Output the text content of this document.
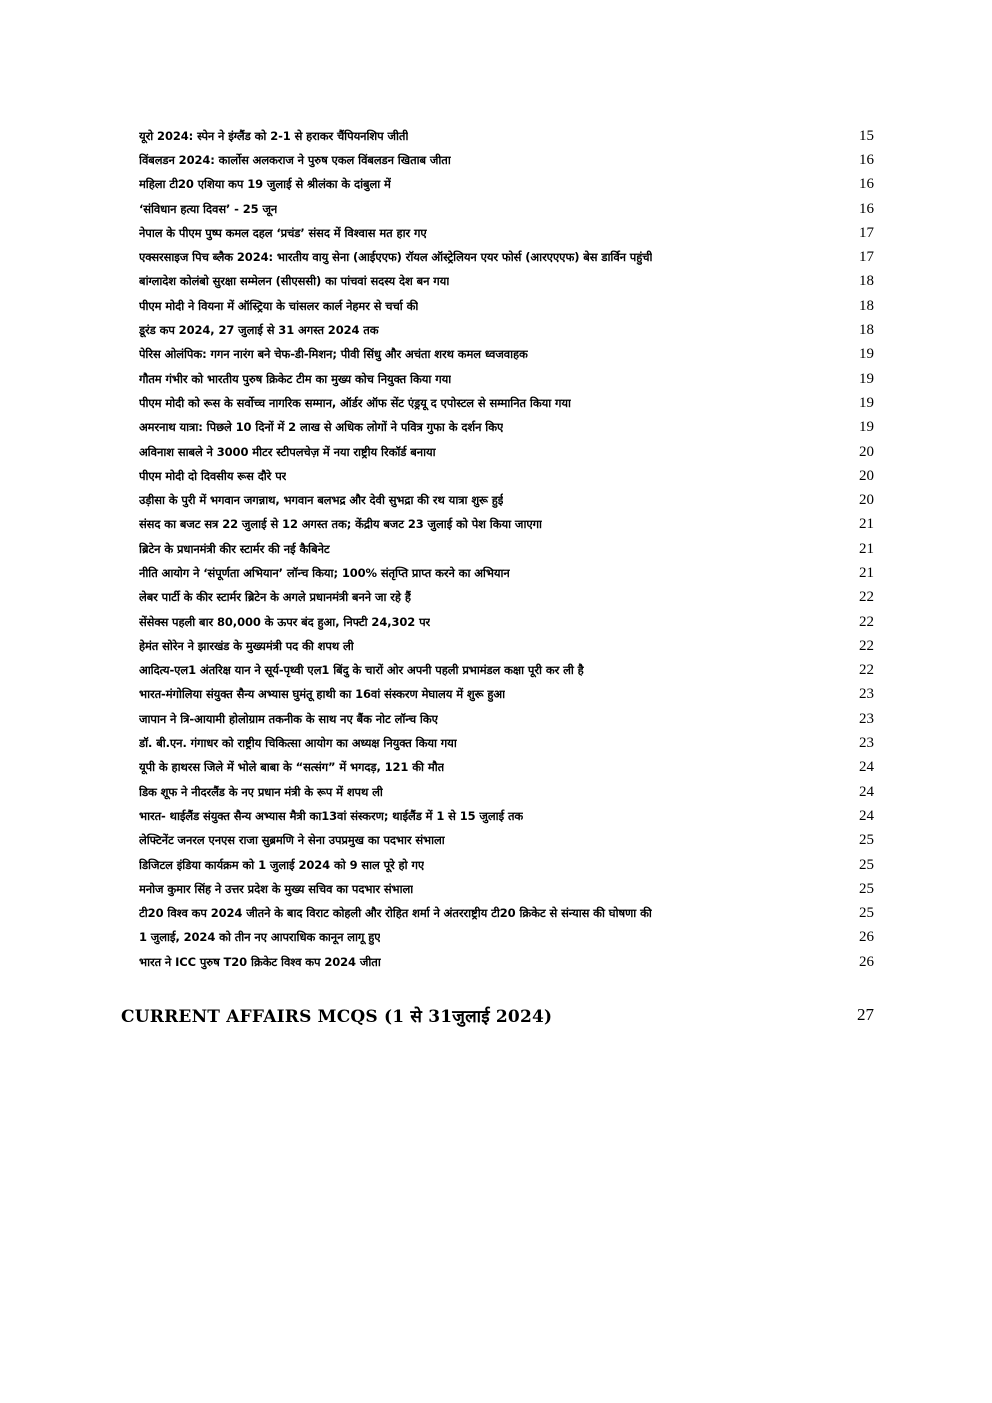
यूरो 2024: स्पेन ने इंग्लैंड को 2-1 से हराकर चैंपियनशिप जीती	15
विंबलडन 2024: कार्लोस अलकराज ने पुरुष एकल विंबलडन खिताब जीता	16
महिला टी20 एशिया कप 19 जुलाई से श्रीलंका के दांबुला में	16
‘संविधान हत्या दिवस’ - 25 जून	16
नेपाल के पीएम पुष्प कमल दहल ‘प्रचंड’ संसद में विश्वास मत हार गए	17
एक्सरसाइज पिच ब्लैक 2024: भारतीय वायु सेना (आईएएफ) रॉयल ऑस्ट्रेलियन एयर फोर्स (आरएएएफ) बेस डार्विन पहुंची	17
बांग्लादेश कोलंबो सुरक्षा सम्मेलन (सीएससी) का पांचवां सदस्य देश बन गया	18
पीएम मोदी ने वियना में ऑस्ट्रिया के चांसलर कार्ल नेहमर से चर्चा की	18
डूरंड कप 2024, 27 जुलाई से 31 अगस्त 2024 तक	18
पेरिस ओलंपिक: गगन नारंग बने चेफ-डी-मिशन; पीवी सिंधु और अचंता शरथ कमल ध्वजवाहक	19
गौतम गंभीर को भारतीय पुरुष क्रिकेट टीम का मुख्य कोच नियुक्त किया गया	19
पीएम मोदी को रूस के सर्वोच्च नागरिक सम्मान, ऑर्डर ऑफ सेंट एंड्रयू द एपोस्टल से सम्मानित किया गया	19
अमरनाथ यात्रा: पिछले 10 दिनों में 2 लाख से अधिक लोगों ने पवित्र गुफा के दर्शन किए	19
अविनाश साबले ने 3000 मीटर स्टीपलचेज़ में नया राष्ट्रीय रिकॉर्ड बनाया	20
पीएम मोदी दो दिवसीय रूस दौरे पर	20
उड़ीसा के पुरी में भगवान जगन्नाथ, भगवान बलभद्र और देवी सुभद्रा की रथ यात्रा शुरू हुई	20
संसद का बजट सत्र 22 जुलाई से 12 अगस्त तक; केंद्रीय बजट 23 जुलाई को पेश किया जाएगा	21
ब्रिटेन के प्रधानमंत्री कीर स्टार्मर की नई कैबिनेट	21
नीति आयोग ने ‘संपूर्णता अभियान’ लॉन्च किया; 100% संतृप्ति प्राप्त करने का अभियान	21
लेबर पार्टी के कीर स्टार्मर ब्रिटेन के अगले प्रधानमंत्री बनने जा रहे हैं	22
सेंसेक्स पहली बार 80,000 के ऊपर बंद हुआ, निफ्टी 24,302 पर	22
हेमंत सोरेन ने झारखंड के मुख्यमंत्री पद की शपथ ली	22
आदित्य-एल1 अंतरिक्ष यान ने सूर्य-पृथ्वी एल1 बिंदु के चारों ओर अपनी पहली प्रभामंडल कक्षा पूरी कर ली है	22
भारत-मंगोलिया संयुक्त सैन्य अभ्यास घुमंतू हाथी का 16वां संस्करण मेघालय में शुरू हुआ	23
जापान ने त्रि-आयामी होलोग्राम तकनीक के साथ नए बैंक नोट लॉन्च किए	23
डॉ. बी.एन. गंगाधर को राष्ट्रीय चिकित्सा आयोग का अध्यक्ष नियुक्त किया गया	23
यूपी के हाथरस जिले में भोले बाबा के “सत्संग” में भगदड़, 121 की मौत	24
डिक शूफ ने नीदरलैंड के नए प्रधान मंत्री के रूप में शपथ ली	24
भारत- थाईलैंड संयुक्त सैन्य अभ्यास मैत्री का13वां संस्करण; थाईलैंड में 1 से 15 जुलाई तक	24
लेफ्टिनेंट जनरल एनएस राजा सुब्रमणि ने सेना उपप्रमुख का पदभार संभाला	25
डिजिटल इंडिया कार्यक्रम को 1 जुलाई 2024 को 9 साल पूरे हो गए	25
मनोज कुमार सिंह ने उत्तर प्रदेश के मुख्य सचिव का पदभार संभाला	25
टी20 विश्व कप 2024 जीतने के बाद विराट कोहली और रोहित शर्मा ने अंतरराष्ट्रीय टी20 क्रिकेट से संन्यास की घोषणा की	25
1 जुलाई, 2024 को तीन नए आपराधिक कानून लागू हुए	26
भारत ने ICC पुरुष T20 क्रिकेट विश्व कप 2024 जीता	26
CURRENT AFFAIRS MCQS (1 से 31जुलाई 2024)	27
